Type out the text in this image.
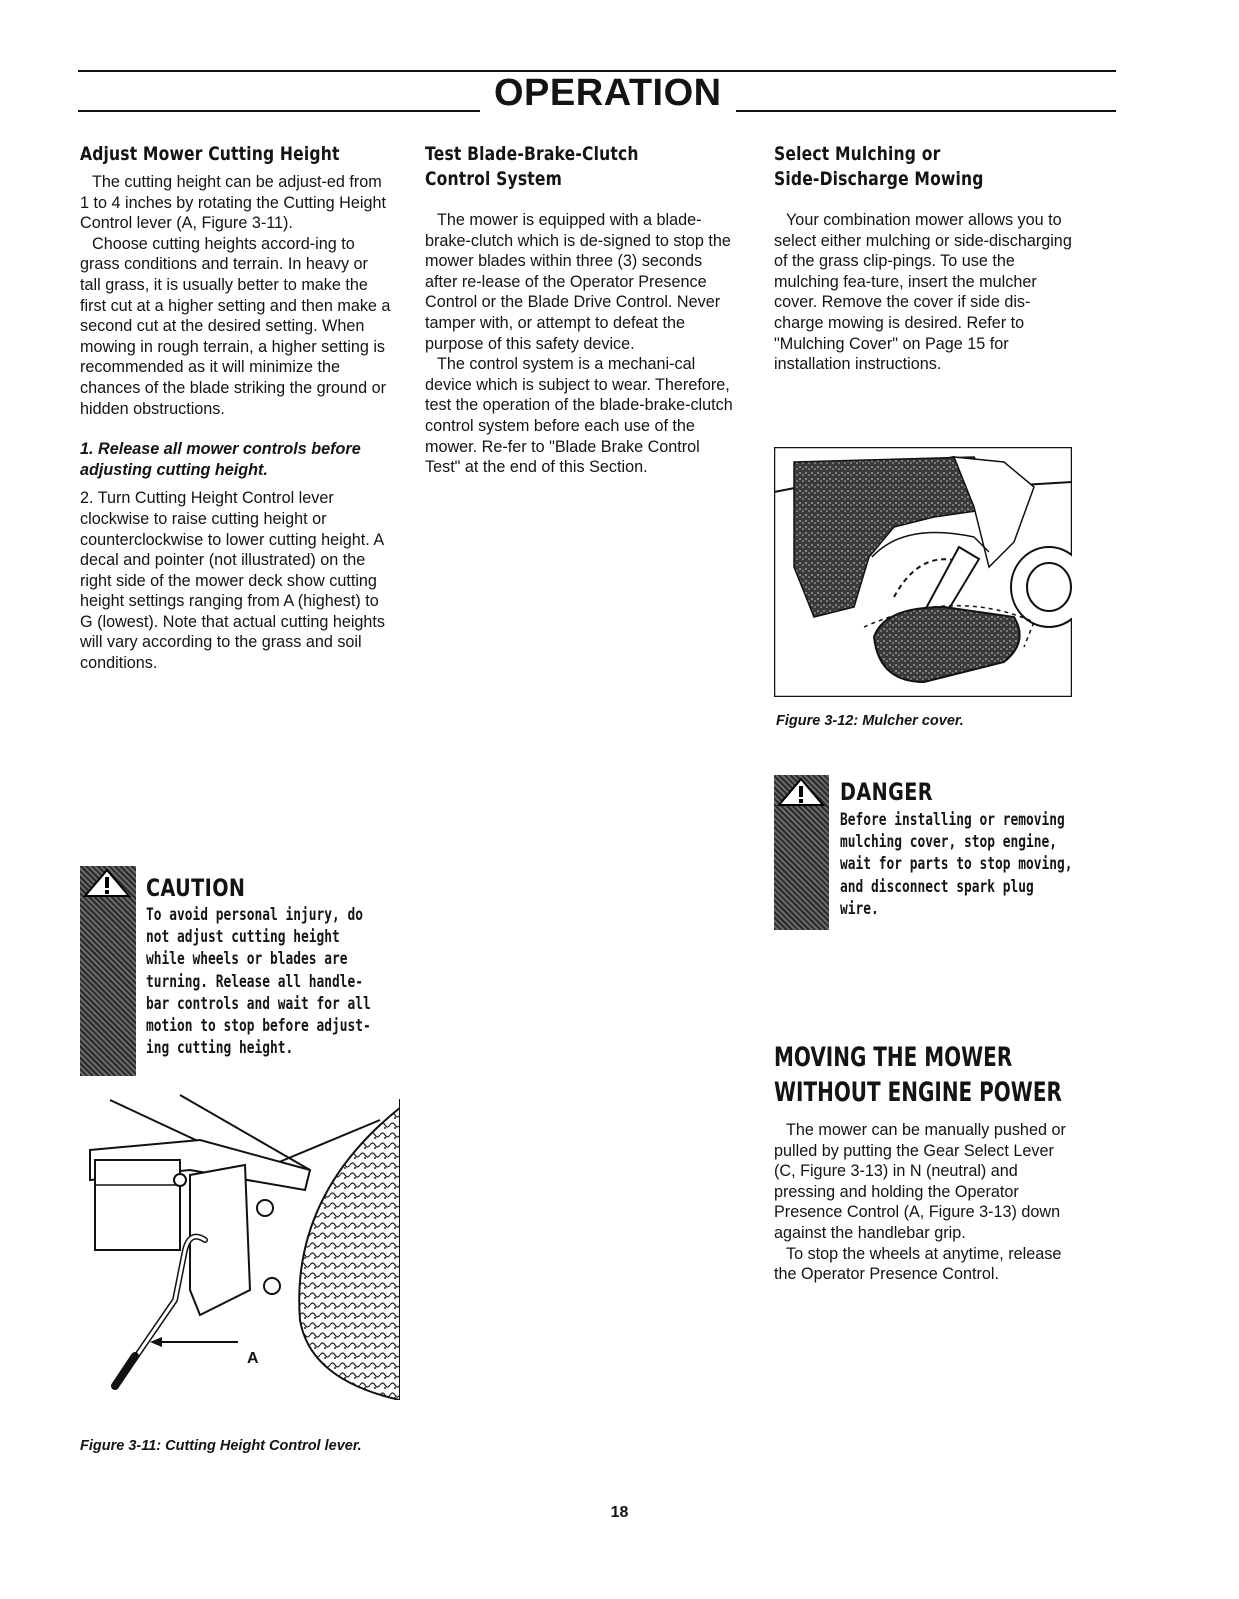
OPERATION
Adjust Mower Cutting Height

The cutting height can be adjust-ed from 1 to 4 inches by rotating the Cutting Height Control lever (A, Figure 3-11).

Choose cutting heights accord-ing to grass conditions and terrain. In heavy or tall grass, it is usually better to make the first cut at a higher setting and then make a second cut at the desired setting. When mowing in rough terrain, a higher setting is recommended as it will minimize the chances of the blade striking the ground or hidden obstructions.

1. Release all mower controls before adjusting cutting height.

2. Turn Cutting Height Control lever clockwise to raise cutting height or counterclockwise to lower cutting height. A decal and pointer (not illustrated) on the right side of the mower deck show cutting height settings ranging from A (highest) to G (lowest). Note that actual cutting heights will vary according to the grass and soil conditions.

CAUTION
To avoid personal injury, do
not adjust cutting height
while wheels or blades are
turning. Release all handle-
bar controls and wait for all
motion to stop before adjust-
ing cutting height.
A
Figure 3-11: Cutting Height Control lever.
Test Blade-Brake-Clutch
Control System

The mower is equipped with a blade-brake-clutch which is de-signed to stop the mower blades within three (3) seconds after re-lease of the Operator Presence Control or the Blade Drive Control. Never tamper with, or attempt to defeat the purpose of this safety device.

The control system is a mechani-cal device which is subject to wear. Therefore, test the operation of the blade-brake-clutch control system before each use of the mower. Re-fer to "Blade Brake Control Test" at the end of this Section.

Select Mulching or
Side-Discharge Mowing

Your combination mower allows you to select either mulching or side-discharging of the grass clip-pings. To use the mulching fea-ture, insert the mulcher cover. Remove the cover if side dis-charge mowing is desired. Refer to "Mulching Cover" on Page 15 for installation instructions.

Figure 3-12: Mulcher cover.
DANGER
Before installing or removing
mulching cover, stop engine,
wait for parts to stop moving,
and disconnect spark plug
wire.
MOVING THE MOWER
WITHOUT ENGINE POWER

The mower can be manually pushed or pulled by putting the Gear Select Lever (C, Figure 3-13) in N (neutral) and pressing and holding the Operator Presence Control (A, Figure 3-13) down against the handlebar grip.

To stop the wheels at anytime, release the Operator Presence Control.

18
